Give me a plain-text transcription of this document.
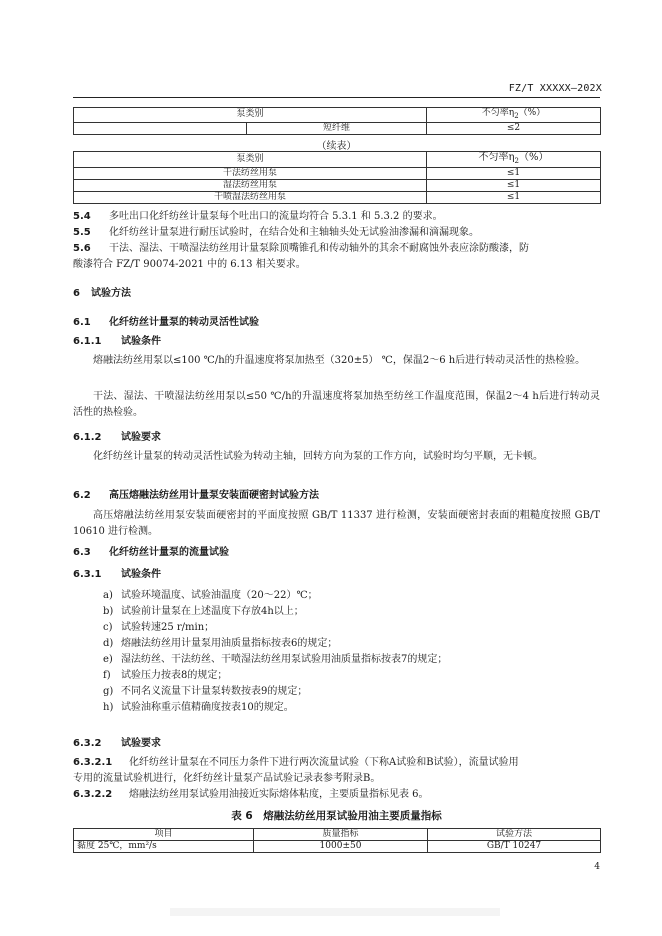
FZ/T XXXXX—202X
泵类别		不匀率$\eta_2(\%)$
	短纤维	≤2
（续表）
泵类别	不匀率$\eta_2(\%)$
干法纺丝用泵	≤1
湿法纺丝用泵	≤1
干喷湿法纺丝用泵	≤1
5.4 多吐出口化纤纺丝计量泵每个吐出口的流量均符合 5.3.1 和 5.3.2 的要求。
5.5 化纤纺丝计量泵进行耐压试验时，在结合处和主轴轴头处无试验油渗漏和滴漏现象。
5.6 干法、湿法、干喷湿法纺丝用计量泵除顶嘴锥孔和传动轴外的其余不耐腐蚀外表应涂防酸漆，防
酸漆符合 FZ/T 90074-2021 中的 6.13 相关要求。
6 试验方法
6.1 化纤纺丝计量泵的转动灵活性试验
6.1.1 试验条件
熔融法纺丝用泵以≤100 ℃/h的升温速度将泵加热至（320±5） ℃，保温2～6 h后进行转动灵活性的热检验。
干法、湿法、干喷湿法纺丝用泵以≤50 ℃/h的升温速度将泵加热至纺丝工作温度范围，保温2～4 h后进行转动灵活性的热检验。
6.1.2 试验要求
化纤纺丝计量泵的转动灵活性试验为转动主轴，回转方向为泵的工作方向，试验时均匀平顺，无卡顿。
6.2 高压熔融法纺丝用计量泵安装面硬密封试验方法
高压熔融法纺丝用泵安装面硬密封的平面度按照 GB/T 11337 进行检测，安装面硬密封表面的粗糙度按照 GB/T 10610 进行检测。
6.3 化纤纺丝计量泵的流量试验
6.3.1 试验条件
a) 试验环境温度、试验油温度（20～22）℃；
b) 试验前计量泵在上述温度下存放4h以上；
c) 试验转速25 r/min；
d) 熔融法纺丝用计量泵用油质量指标按表6的规定；
e) 湿法纺丝、干法纺丝、干喷湿法纺丝用泵试验用油质量指标按表7的规定；
f) 试验压力按表8的规定；
g) 不同名义流量下计量泵转数按表9的规定；
h) 试验油称重示值精确度按表10的规定。
6.3.2 试验要求
6.3.2.1 化纤纺丝计量泵在不同压力条件下进行两次流量试验（下称A试验和B试验），流量试验用
专用的流量试验机进行，化纤纺丝计量泵产品试验记录表参考附录B。
6.3.2.2 熔融法纺丝用泵试验用油接近实际熔体粘度，主要质量指标见表 6。
表 6　熔融法纺丝用泵试验用油主要质量指标
项目	质量指标	试验方法
黏度 25℃，mm²/s	1000±50	GB/T 10247
4
